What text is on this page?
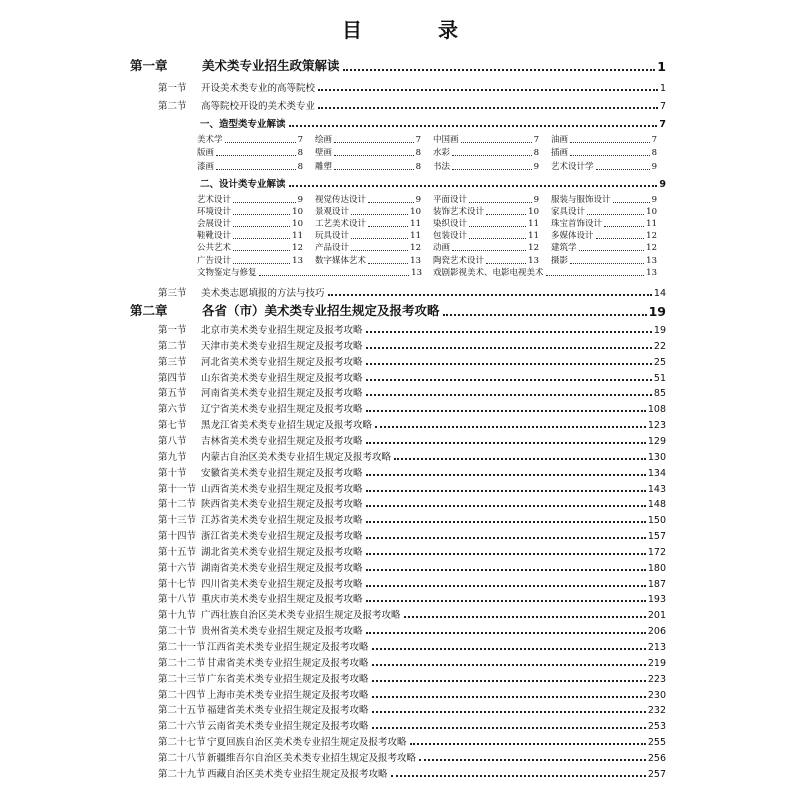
目　录
第一章	美术类专业招生政策解读	1
第一节	开设美术类专业的高等院校	1
第二节	高等院校开设的美术类专业	7
一、造型类专业解读	7
美术学	7 绘画	7 中国画	7 油画	7
版画	8 壁画	8 水彩	8 插画	8
漆画	8 雕塑	8 书法	9 艺术设计学	9
二、设计类专业解读	9
艺术设计	9 视觉传达设计	9 平面设计	9 服装与服饰设计	9
环境设计	10 景观设计	10 装饰艺术设计	10 家具设计	10
会展设计	10 工艺美术设计	11 染织设计	11 珠宝首饰设计	11
鞋靴设计	11 玩具设计	11 包装设计	11 多媒体设计	12
公共艺术	12 产品设计	12 动画	12 建筑学	12
广告设计	13 数字媒体艺术	13 陶瓷艺术设计	13 摄影	13
文物鉴定与修复	13 戏剧影视美术、电影电视美术	13
第三节	美术类志愿填报的方法与技巧	14
第二章	各省（市）美术类专业招生规定及报考攻略	19
第一节	北京市美术类专业招生规定及报考攻略	19
第二节	天津市美术类专业招生规定及报考攻略	22
第三节	河北省美术类专业招生规定及报考攻略	25
第四节	山东省美术类专业招生规定及报考攻略	51
第五节	河南省美术类专业招生规定及报考攻略	85
第六节	辽宁省美术类专业招生规定及报考攻略	108
第七节	黑龙江省美术类专业招生规定及报考攻略	123
第八节	吉林省美术类专业招生规定及报考攻略	129
第九节	内蒙古自治区美术类专业招生规定及报考攻略	130
第十节	安徽省美术类专业招生规定及报考攻略	134
第十一节 山西省美术类专业招生规定及报考攻略	143
第十二节 陕西省美术类专业招生规定及报考攻略	148
第十三节 江苏省美术类专业招生规定及报考攻略	150
第十四节 浙江省美术类专业招生规定及报考攻略	157
第十五节 湖北省美术类专业招生规定及报考攻略	172
第十六节 湖南省美术类专业招生规定及报考攻略	180
第十七节 四川省美术类专业招生规定及报考攻略	187
第十八节 重庆市美术类专业招生规定及报考攻略	193
第十九节 广西壮族自治区美术类专业招生规定及报考攻略	201
第二十节 贵州省美术类专业招生规定及报考攻略	206
第二十一节 江西省美术类专业招生规定及报考攻略	213
第二十二节 甘肃省美术类专业招生规定及报考攻略	219
第二十三节 广东省美术类专业招生规定及报考攻略	223
第二十四节 上海市美术类专业招生规定及报考攻略	230
第二十五节 福建省美术类专业招生规定及报考攻略	232
第二十六节 云南省美术类专业招生规定及报考攻略	253
第二十七节 宁夏回族自治区美术类专业招生规定及报考攻略	255
第二十八节 新疆维吾尔自治区美术类专业招生规定及报考攻略	256
第二十九节 西藏自治区美术类专业招生规定及报考攻略	257
